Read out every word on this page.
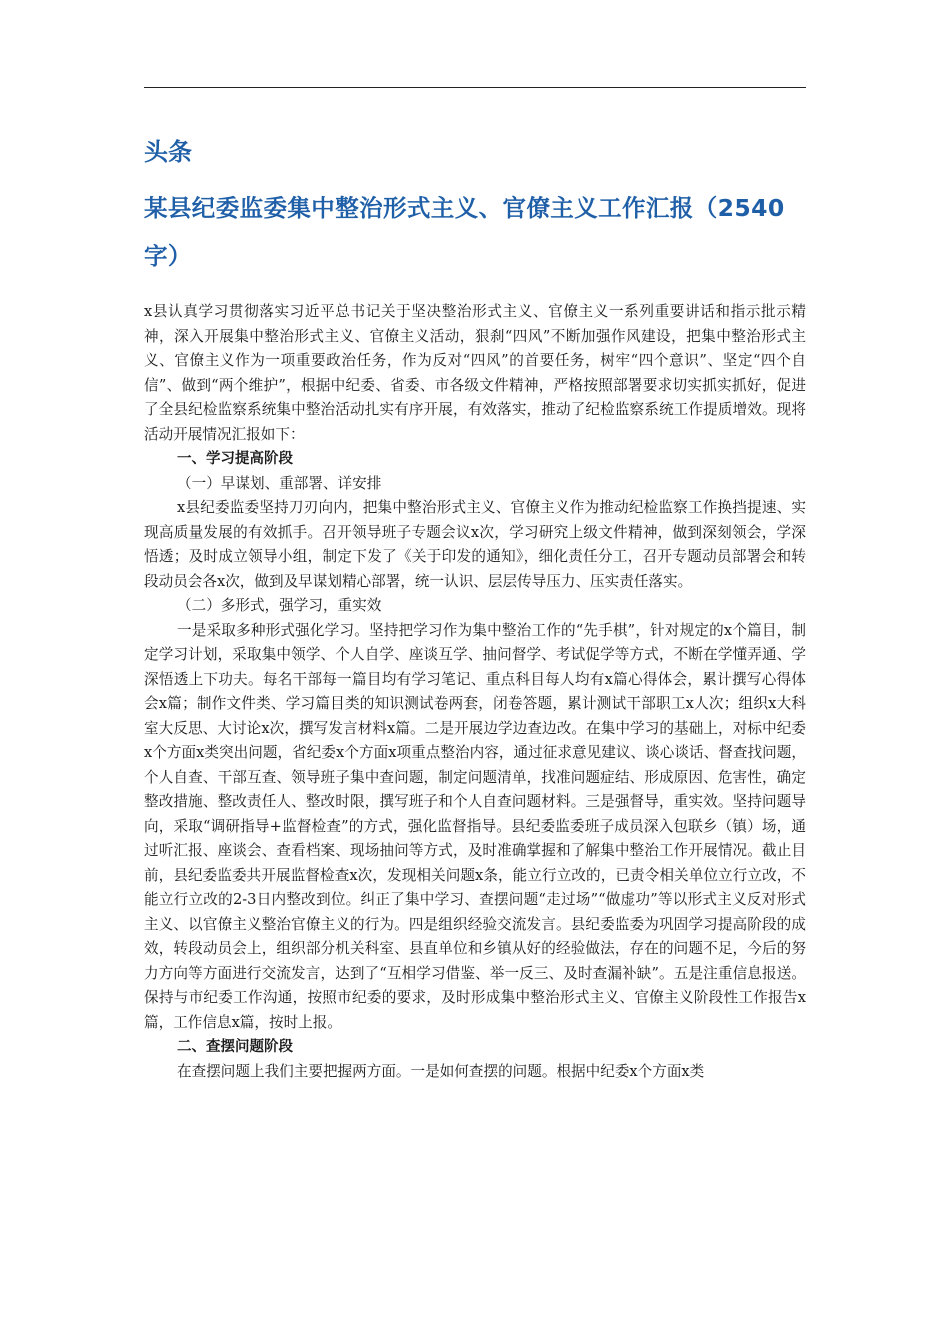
头条
某县纪委监委集中整治形式主义、官僚主义工作汇报（2540字）

x县认真学习贯彻落实习近平总书记关于坚决整治形式主义、官僚主义一系列重要讲话和指示批示精神，深入开展集中整治形式主义、官僚主义活动，狠刹“四风”不断加强作风建设，把集中整治形式主义、官僚主义作为一项重要政治任务，作为反对“四风”的首要任务，树牢“四个意识”、坚定“四个自信”、做到“两个维护”，根据中纪委、省委、市各级文件精神，严格按照部署要求切实抓实抓好，促进了全县纪检监察系统集中整治活动扎实有序开展，有效落实，推动了纪检监察系统工作提质增效。现将活动开展情况汇报如下：

一、学习提高阶段

（一）早谋划、重部署、详安排

x县纪委监委坚持刀刃向内，把集中整治形式主义、官僚主义作为推动纪检监察工作换挡提速、实现高质量发展的有效抓手。召开领导班子专题会议x次，学习研究上级文件精神，做到深刻领会，学深悟透；及时成立领导小组，制定下发了《关于印发的通知》，细化责任分工，召开专题动员部署会和转段动员会各x次，做到及早谋划精心部署，统一认识、层层传导压力、压实责任落实。

（二）多形式，强学习，重实效

一是采取多种形式强化学习。坚持把学习作为集中整治工作的“先手棋”，针对规定的x个篇目，制定学习计划，采取集中领学、个人自学、座谈互学、抽问督学、考试促学等方式，不断在学懂弄通、学深悟透上下功夫。每名干部每一篇目均有学习笔记、重点科目每人均有x篇心得体会，累计撰写心得体会x篇；制作文件类、学习篇目类的知识测试卷两套，闭卷答题，累计测试干部职工x人次；组织x大科室大反思、大讨论x次，撰写发言材料x篇。二是开展边学边查边改。在集中学习的基础上，对标中纪委x个方面x类突出问题，省纪委x个方面x项重点整治内容，通过征求意见建议、谈心谈话、督查找问题，个人自查、干部互查、领导班子集中查问题，制定问题清单，找准问题症结、形成原因、危害性，确定整改措施、整改责任人、整改时限，撰写班子和个人自查问题材料。三是强督导，重实效。坚持问题导向，采取“调研指导+监督检查”的方式，强化监督指导。县纪委监委班子成员深入包联乡（镇）场，通过听汇报、座谈会、查看档案、现场抽问等方式，及时准确掌握和了解集中整治工作开展情况。截止目前，县纪委监委共开展监督检查x次，发现相关问题x条，能立行立改的，已责令相关单位立行立改，不能立行立改的2-3日内整改到位。纠正了集中学习、查摆问题“走过场”“做虚功”等以形式主义反对形式主义、以官僚主义整治官僚主义的行为。四是组织经验交流发言。县纪委监委为巩固学习提高阶段的成效，转段动员会上，组织部分机关科室、县直单位和乡镇从好的经验做法，存在的问题不足，今后的努力方向等方面进行交流发言，达到了“互相学习借鉴、举一反三、及时查漏补缺”。五是注重信息报送。保持与市纪委工作沟通，按照市纪委的要求，及时形成集中整治形式主义、官僚主义阶段性工作报告x篇，工作信息x篇，按时上报。

二、查摆问题阶段

在查摆问题上我们主要把握两方面。一是如何查摆的问题。根据中纪委x个方面x类
